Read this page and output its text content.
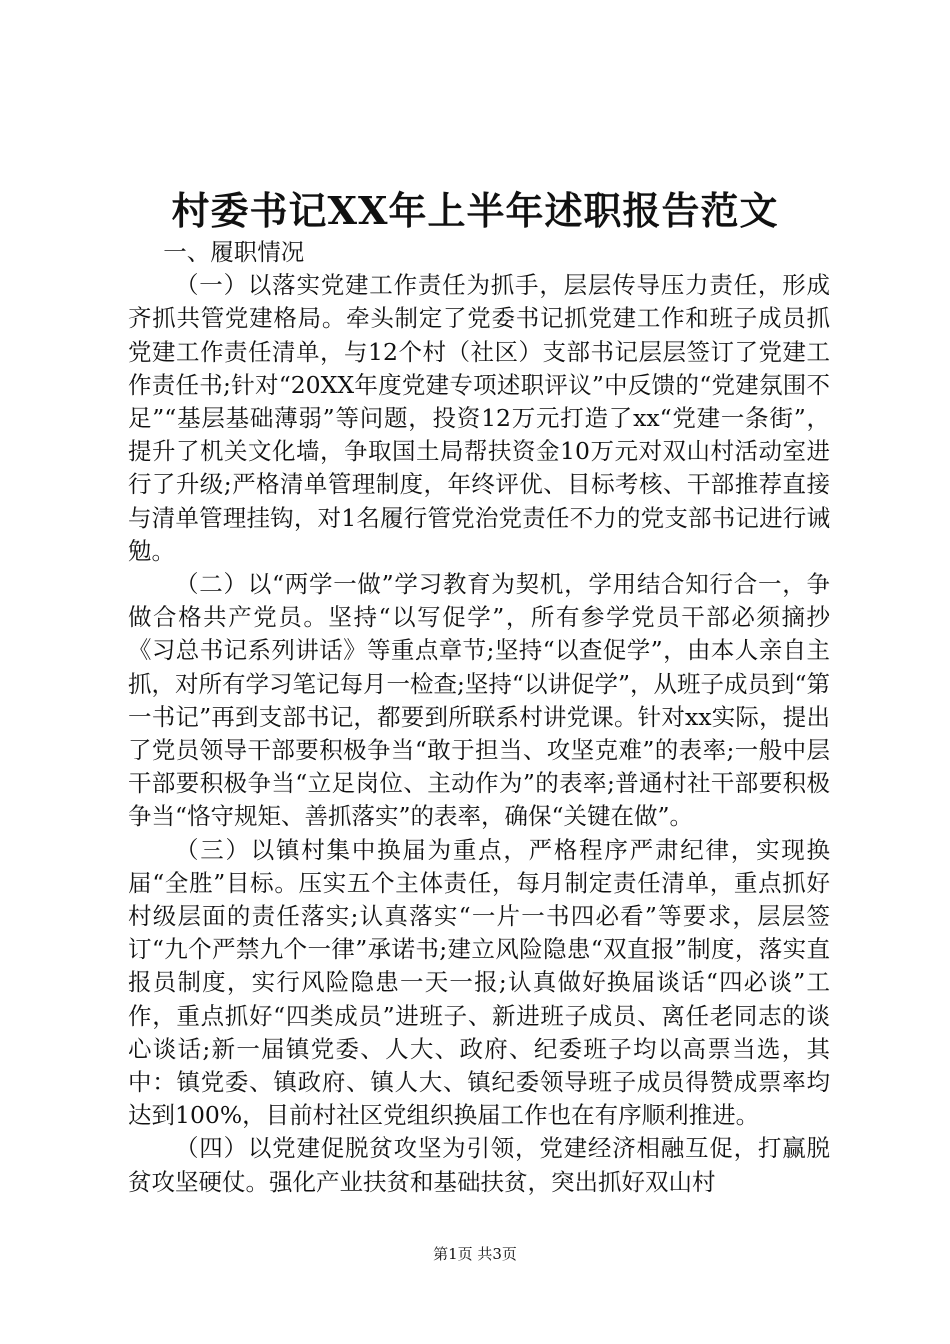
村委书记XX年上半年述职报告范文

一、履职情况

（一）以落实党建工作责任为抓手，层层传导压力责任，形成齐抓共管党建格局。牵头制定了党委书记抓党建工作和班子成员抓党建工作责任清单，与12个村（社区）支部书记层层签订了党建工作责任书;针对“20XX年度党建专项述职评议”中反馈的“党建氛围不足”“基层基础薄弱”等问题，投资12万元打造了xx“党建一条街”，提升了机关文化墙，争取国土局帮扶资金10万元对双山村活动室进行了升级;严格清单管理制度，年终评优、目标考核、干部推荐直接与清单管理挂钩，对1名履行管党治党责任不力的党支部书记进行诫勉。

（二）以“两学一做”学习教育为契机，学用结合知行合一，争做合格共产党员。坚持“以写促学”，所有参学党员干部必须摘抄《习总书记系列讲话》等重点章节;坚持“以查促学”，由本人亲自主抓，对所有学习笔记每月一检查;坚持“以讲促学”，从班子成员到“第一书记”再到支部书记，都要到所联系村讲党课。针对xx实际，提出了党员领导干部要积极争当“敢于担当、攻坚克难”的表率;一般中层干部要积极争当“立足岗位、主动作为”的表率;普通村社干部要积极争当“恪守规矩、善抓落实”的表率，确保“关键在做”。

（三）以镇村集中换届为重点，严格程序严肃纪律，实现换届“全胜”目标。压实五个主体责任，每月制定责任清单，重点抓好村级层面的责任落实;认真落实“一片一书四必看”等要求，层层签订“九个严禁九个一律”承诺书;建立风险隐患“双直报”制度，落实直报员制度，实行风险隐患一天一报;认真做好换届谈话“四必谈”工作，重点抓好“四类成员”进班子、新进班子成员、离任老同志的谈心谈话;新一届镇党委、人大、政府、纪委班子均以高票当选，其中：镇党委、镇政府、镇人大、镇纪委领导班子成员得赞成票率均达到100%，目前村社区党组织换届工作也在有序顺利推进。

（四）以党建促脱贫攻坚为引领，党建经济相融互促，打赢脱贫攻坚硬仗。强化产业扶贫和基础扶贫，突出抓好双山村

第1页 共3页
